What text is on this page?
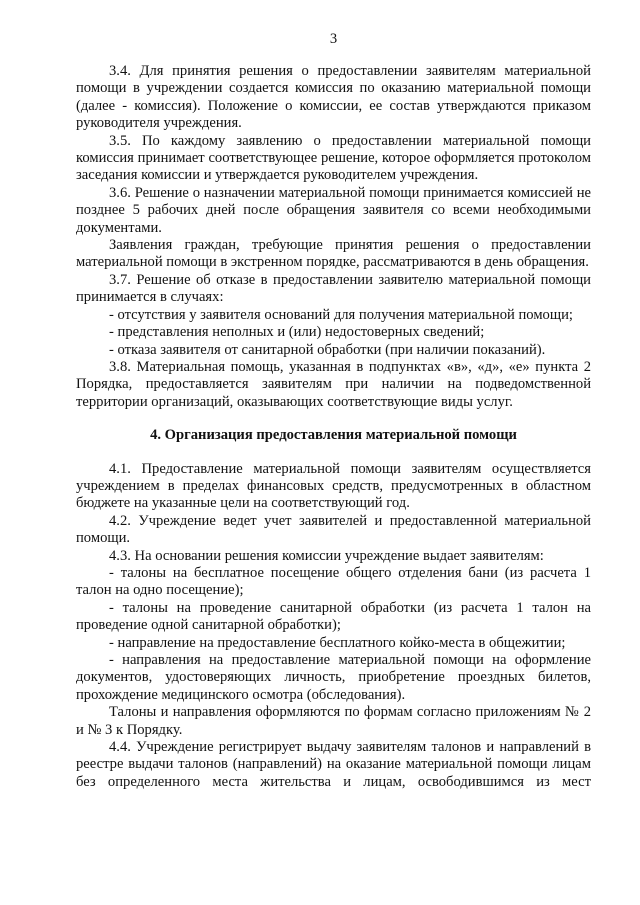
3

3.4. Для принятия решения о предоставлении заявителям материальной помощи в учреждении создается комиссия по оказанию материальной помощи (далее - комиссия). Положение о комиссии, ее состав утверждаются приказом руководителя учреждения.

3.5. По каждому заявлению о предоставлении материальной помощи комиссия принимает соответствующее решение, которое оформляется протоколом заседания комиссии и утверждается руководителем учреждения.

3.6. Решение о назначении материальной помощи принимается комиссией не позднее 5 рабочих дней после обращения заявителя со всеми необходимыми документами.

Заявления граждан, требующие принятия решения о предоставлении материальной помощи в экстренном порядке, рассматриваются в день обращения.

3.7. Решение об отказе в предоставлении заявителю материальной помощи принимается в случаях:

- отсутствия у заявителя оснований для получения материальной помощи;

- представления неполных и (или) недостоверных сведений;

- отказа заявителя от санитарной обработки (при наличии показаний).

3.8. Материальная помощь, указанная в подпунктах «в», «д», «е» пункта 2 Порядка, предоставляется заявителям при наличии на подведомственной территории организаций, оказывающих соответствующие виды услуг.

4. Организация предоставления материальной помощи

4.1. Предоставление материальной помощи заявителям осуществляется учреждением в пределах финансовых средств, предусмотренных в областном бюджете на указанные цели на соответствующий год.

4.2. Учреждение ведет учет заявителей и предоставленной материальной помощи.

4.3. На основании решения комиссии учреждение выдает заявителям:

- талоны на бесплатное посещение общего отделения бани (из расчета 1 талон на одно посещение);

- талоны на проведение санитарной обработки (из расчета 1 талон на проведение одной санитарной обработки);

- направление на предоставление бесплатного койко-места в общежитии;

- направления на предоставление материальной помощи на оформление документов, удостоверяющих личность, приобретение проездных билетов, прохождение медицинского осмотра (обследования).

Талоны и направления оформляются по формам согласно приложениям № 2 и № 3 к Порядку.

4.4. Учреждение регистрирует выдачу заявителям талонов и направлений в реестре выдачи талонов (направлений) на оказание материальной помощи лицам без определенного места жительства и лицам, освободившимся из мест
